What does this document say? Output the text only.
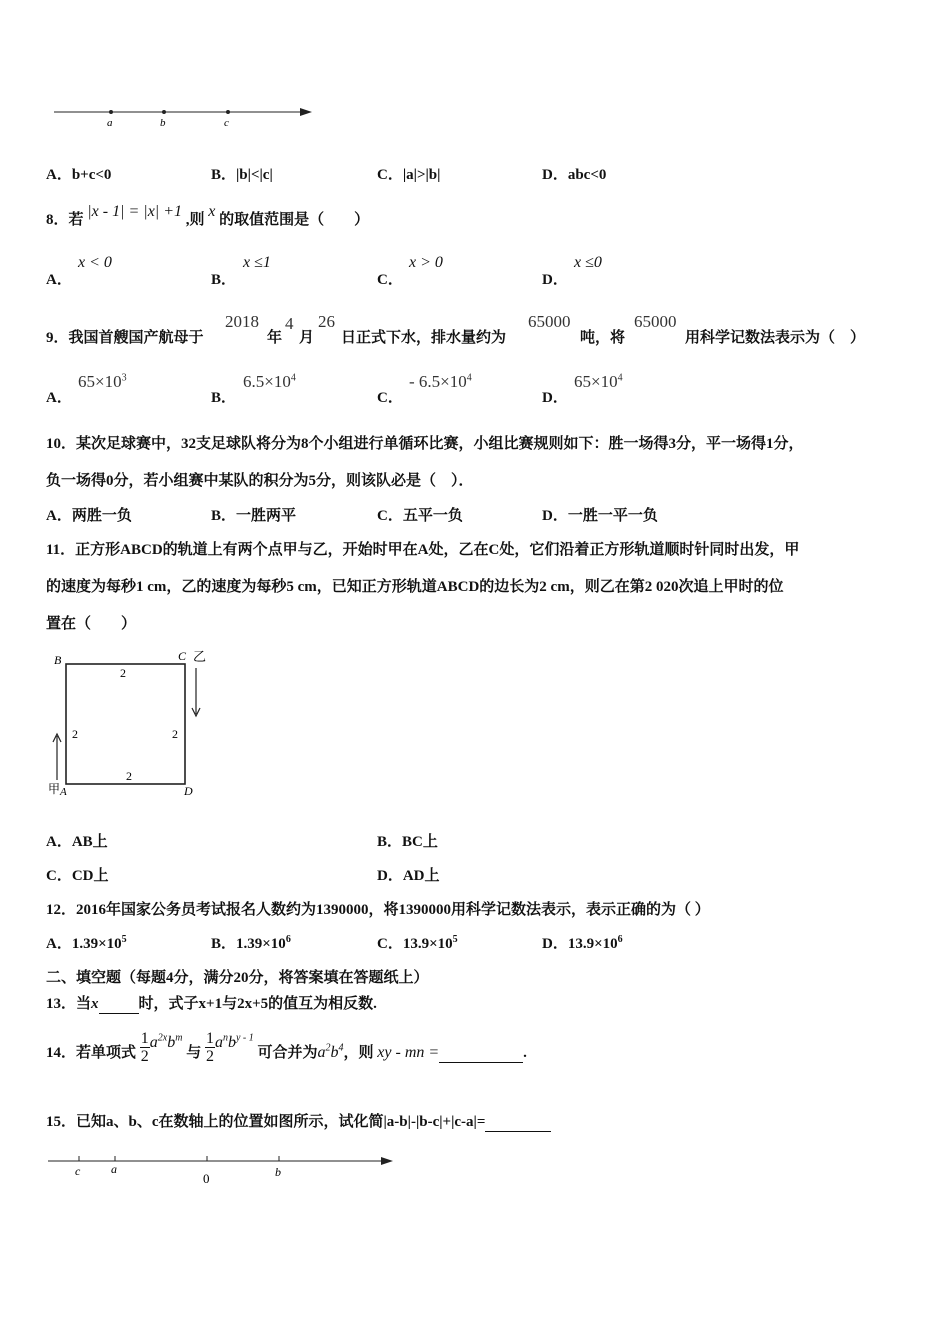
a	b	c
A．b+c<0	B．|b|<|c|	C．|a|>|b|	D．abc<0
8．若 |x - 1| = |x| +1 ,则 x 的取值范围是（　　）
A．
x < 0
B．
x ≤1
C．
x > 0
D．
x ≤0
9．我国首艘国产航母于
2018
年
4
月
26
日正式下水，排水量约为
65000
吨，将
65000
用科学记数法表示为（　）
A．
$65\times 10^3$
B．
$6.5\times 10^4$
C．
- $6.5\times 10^4$
D．
$65\times 10^4$
10．某次足球赛中，32支足球队将分为8个小组进行单循环比赛，小组比赛规则如下：胜一场得3分，平一场得1分，
负一场得0分，若小组赛中某队的积分为5分，则该队必是（　）．
A．两胜一负	B．一胜两平	C．五平一负	D．一胜一平一负
11．正方形ABCD的轨道上有两个点甲与乙，开始时甲在A处，乙在C处，它们沿着正方形轨道顺时针同时出发，甲
的速度为每秒1 cm，乙的速度为每秒5 cm，已知正方形轨道ABCD的边长为2 cm，则乙在第2 020次追上甲时的位
置在（　　）
B	C 乙
A
甲	D
2
2	2
2
A．AB上	B．BC上
C．CD上	D．AD上
12．2016年国家公务员考试报名人数约为1390000，将1390000用科学记数法表示，表示正确的为（ ）
A．$1.39\times 10^5$	B．$1.39\times 10^6$	C．$13.9\times 10^5$	D．$13.9\times 10^6$
二、填空题（每题4分，满分20分，将答案填在答题纸上）
13．当x	时，式子x+1与2x+5的值互为相反数.
14．若单项式 $\frac{1}{2} a^{2x}b^m$ 与 $\frac{1}{2} a^nb^{y - 1}$ 可合并为$a^2b^4$，则 xy - mn =	.
15．已知a、b、c在数轴上的位置如图所示，试化简|a-b|-|b-c|+|c-a|=
c	a
0	b
